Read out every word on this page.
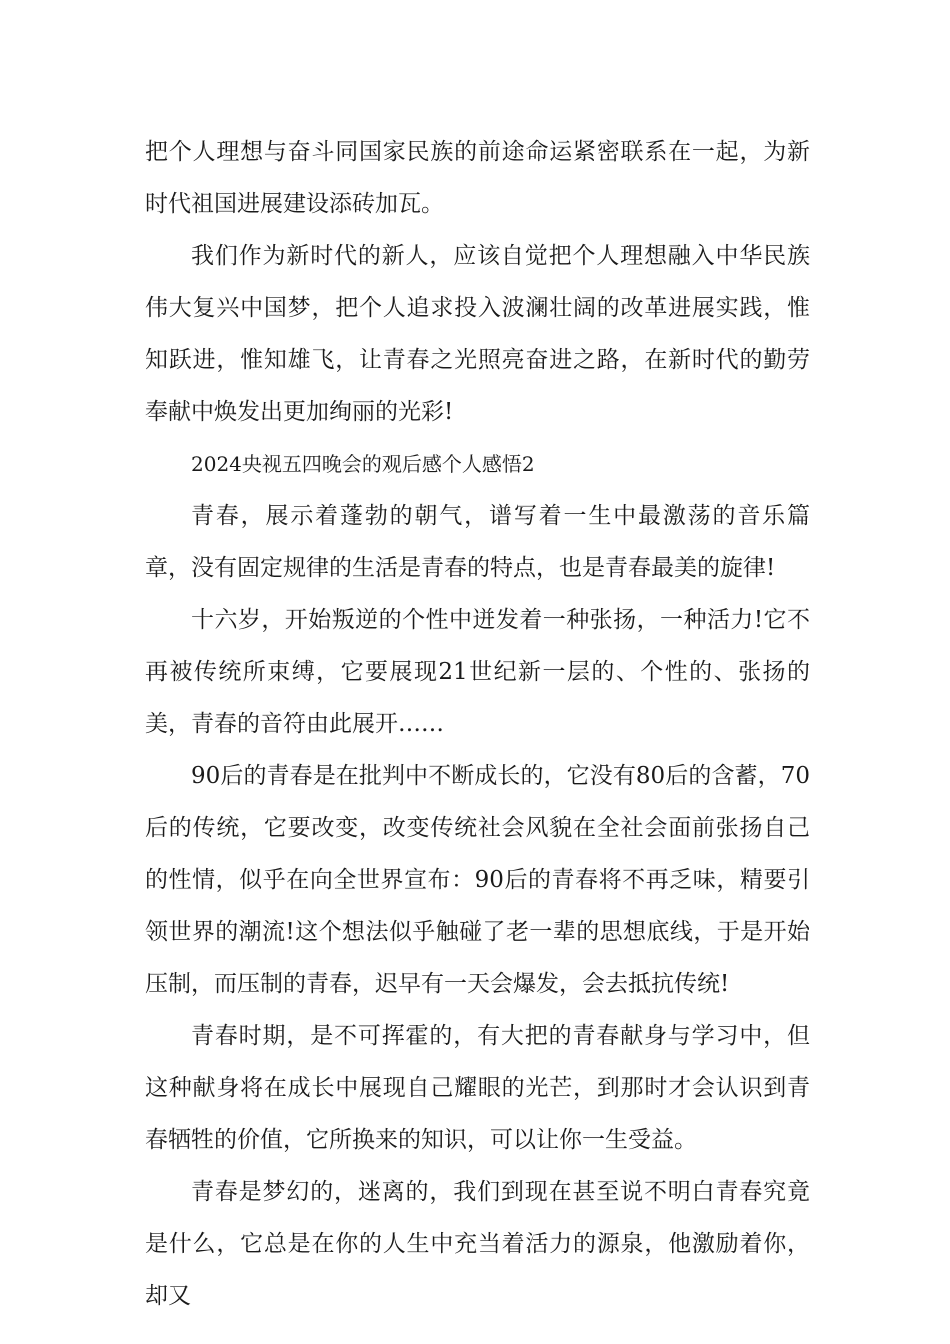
把个人理想与奋斗同国家民族的前途命运紧密联系在一起，为新时代祖国进展建设添砖加瓦。

我们作为新时代的新人，应该自觉把个人理想融入中华民族伟大复兴中国梦，把个人追求投入波澜壮阔的改革进展实践，惟知跃进，惟知雄飞，让青春之光照亮奋进之路，在新时代的勤劳奉献中焕发出更加绚丽的光彩!

2024央视五四晚会的观后感个人感悟2

青春，展示着蓬勃的朝气，谱写着一生中最激荡的音乐篇章，没有固定规律的生活是青春的特点，也是青春最美的旋律!

十六岁，开始叛逆的个性中迸发着一种张扬，一种活力!它不再被传统所束缚，它要展现21世纪新一层的、个性的、张扬的美，青春的音符由此展开……

90后的青春是在批判中不断成长的，它没有80后的含蓄，70后的传统，它要改变，改变传统社会风貌在全社会面前张扬自己的性情，似乎在向全世界宣布：90后的青春将不再乏味，精要引领世界的潮流!这个想法似乎触碰了老一辈的思想底线，于是开始压制，而压制的青春，迟早有一天会爆发，会去抵抗传统!

青春时期，是不可挥霍的，有大把的青春献身与学习中，但这种献身将在成长中展现自己耀眼的光芒，到那时才会认识到青春牺牲的价值，它所换来的知识，可以让你一生受益。

青春是梦幻的，迷离的，我们到现在甚至说不明白青春究竟是什么，它总是在你的人生中充当着活力的源泉，他激励着你，却又
